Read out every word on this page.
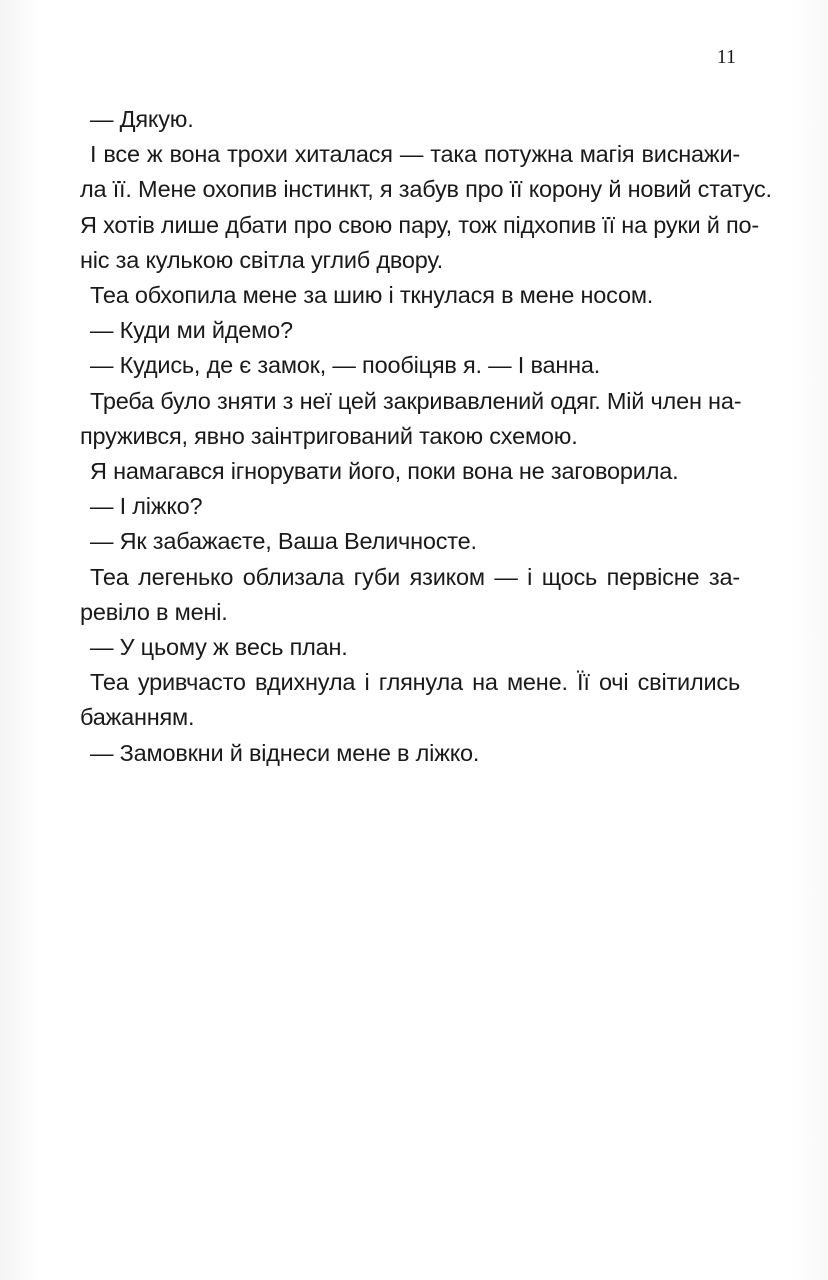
11

— Дякую.

І все ж вона трохи хиталася — така потужна магія виснажи-
ла її. Мене охопив інстинкт, я забув про її корону й новий статус.
Я хотів лише дбати про свою пару, тож підхопив її на руки й по-
ніс за кулькою світла углиб двору.

Теа обхопила мене за шию і ткнулася в мене носом.

— Куди ми йдемо?

— Кудись, де є замок, — пообіцяв я. — І ванна.

Треба було зняти з неї цей закривавлений одяг. Мій член на-
пружився, явно заінтригований такою схемою.

Я намагався ігнорувати його, поки вона не заговорила.

— І ліжко?

— Як забажаєте, Ваша Величносте.

Теа легенько облизала губи язиком — і щось первісне за-
ревіло в мені.

— У цьому ж весь план.

Теа уривчасто вдихнула і глянула на мене. Її очі світились
бажанням.

— Замовкни й віднеси мене в ліжко.
